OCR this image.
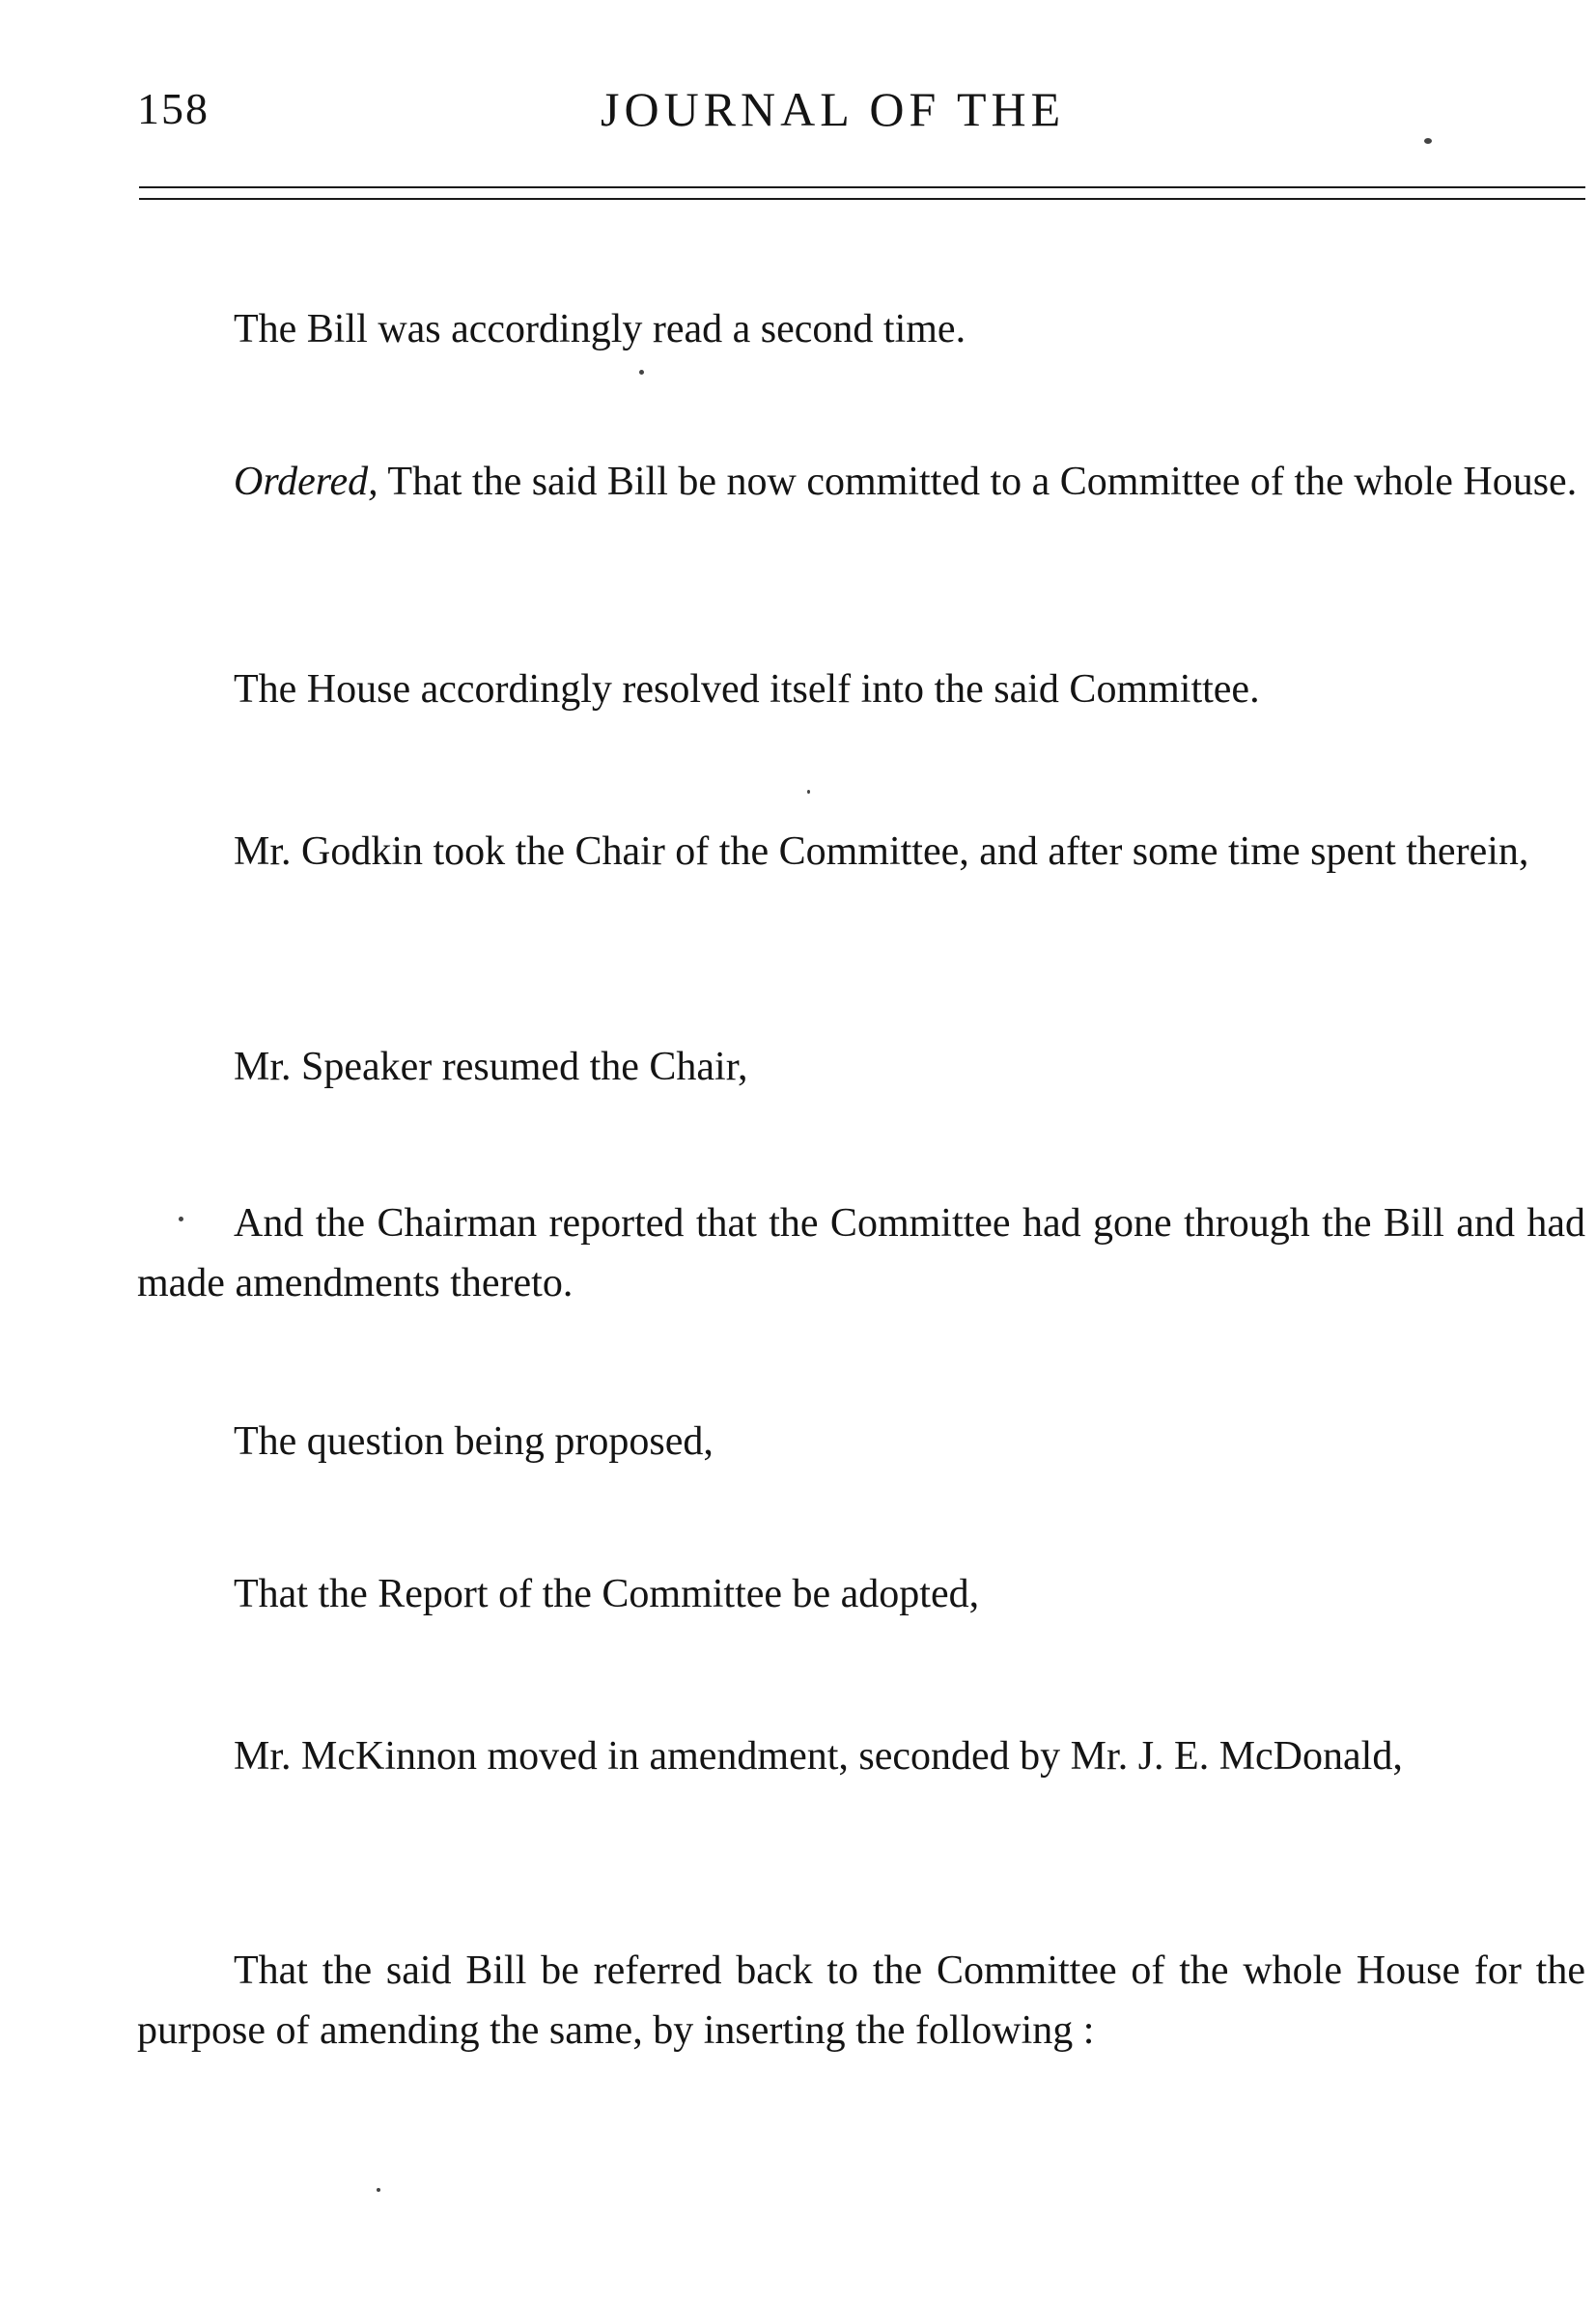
158	JOURNAL OF THE

The Bill was accordingly read a second time.

Ordered, That the said Bill be now committed to a Committee of the whole House.

The House accordingly resolved itself into the said Committee.

Mr. Godkin took the Chair of the Committee, and after some time spent therein,

Mr. Speaker resumed the Chair,

And the Chairman reported that the Committee had gone through the Bill and had made amendments thereto.

The question being proposed,

That the Report of the Committee be adopted,

Mr. McKinnon moved in amendment, seconded by Mr. J. E. McDonald,

That the said Bill be referred back to the Committee of the whole House for the purpose of amending the same, by inserting the following :
